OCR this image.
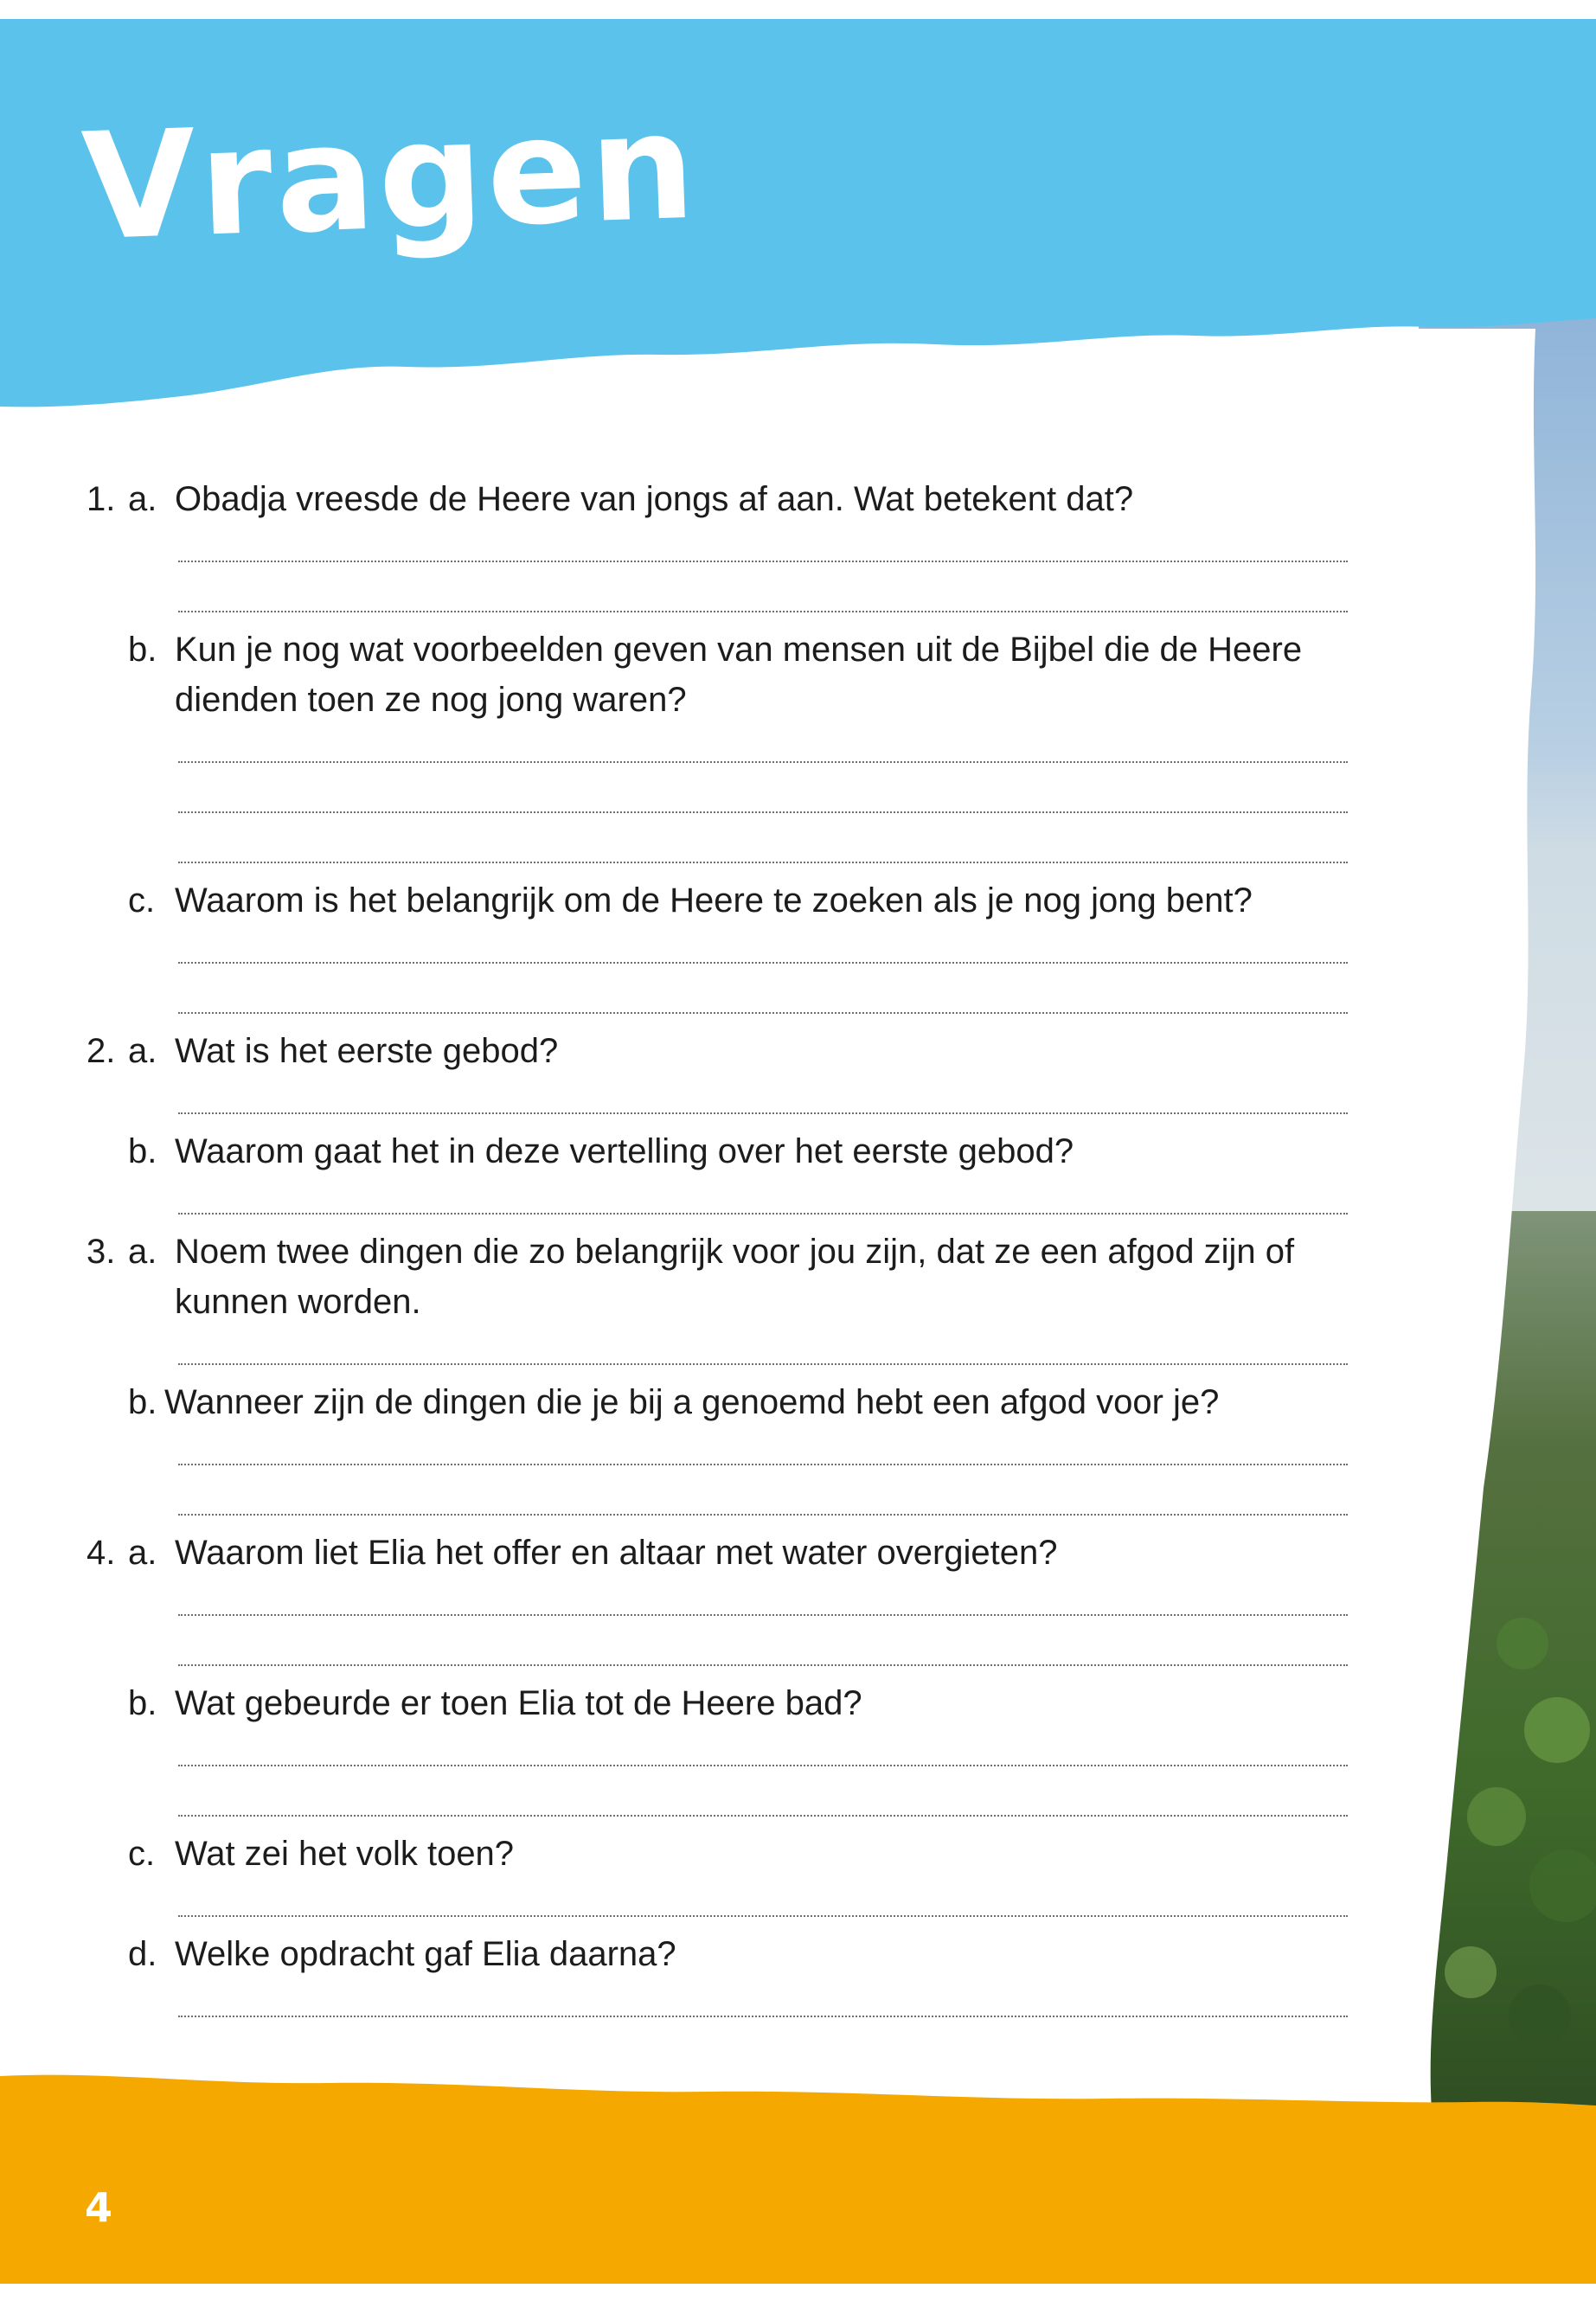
Vragen
4
1. a. Obadja vreesde de Heere van jongs af aan. Wat betekent dat?
b. Kun je nog wat voorbeelden geven van mensen uit de Bijbel die de Heere dienden toen ze nog jong waren?
c. Waarom is het belangrijk om de Heere te zoeken als je nog jong bent?
2. a. Wat is het eerste gebod?
b. Waarom gaat het in deze vertelling over het eerste gebod?
3. a. Noem twee dingen die zo belangrijk voor jou zijn, dat ze een afgod zijn of kunnen worden.
b. Wanneer zijn de dingen die je bij a genoemd hebt een afgod voor je?
4. a. Waarom liet Elia het offer en altaar met water overgieten?
b. Wat gebeurde er toen Elia tot de Heere bad?
c. Wat zei het volk toen?
d. Welke opdracht gaf Elia daarna?
